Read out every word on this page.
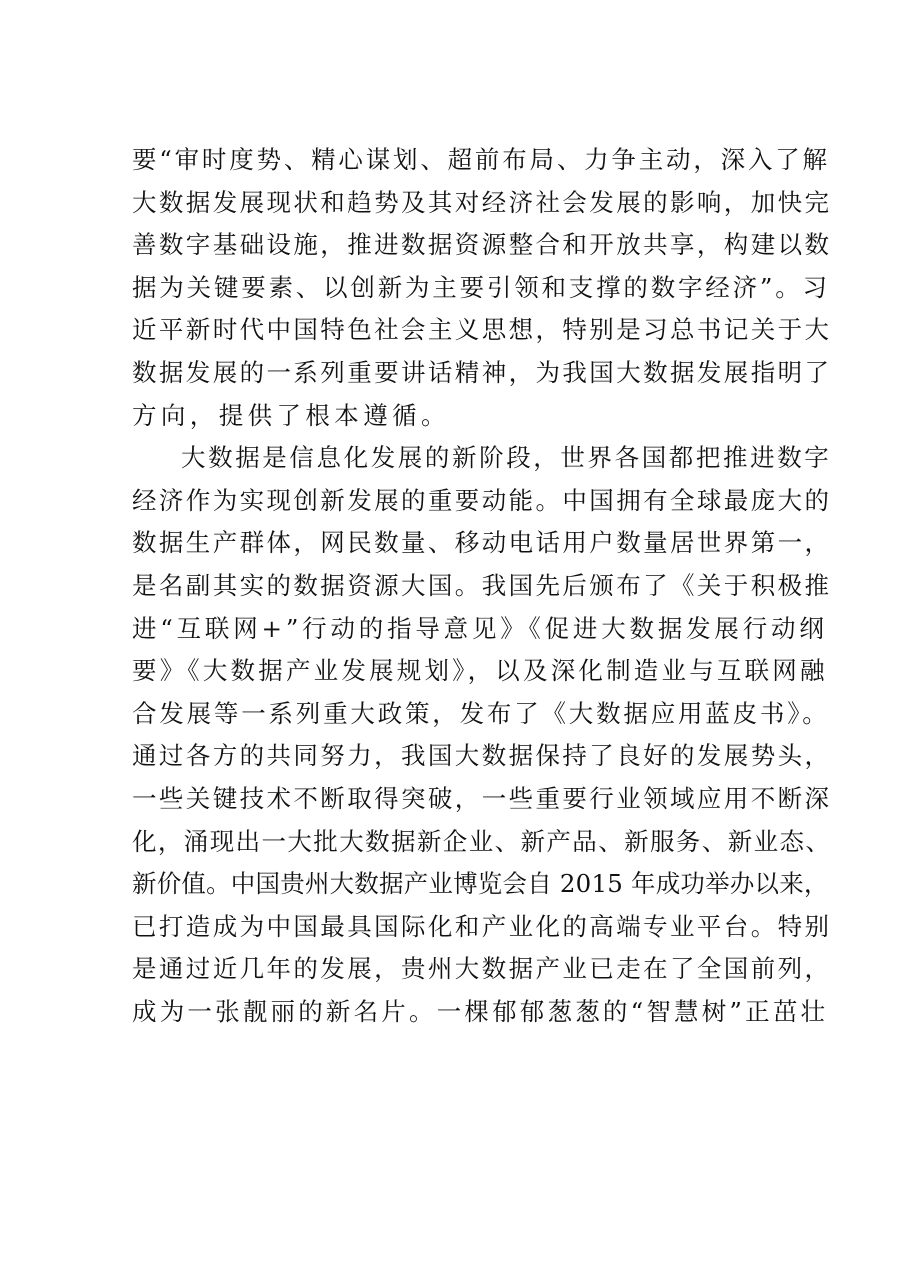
要“审时度势、精心谋划、超前布局、力争主动，深入了解
大数据发展现状和趋势及其对经济社会发展的影响，加快完
善数字基础设施，推进数据资源整合和开放共享，构建以数
据为关键要素、以创新为主要引领和支撑的数字经济”。习
近平新时代中国特色社会主义思想，特别是习总书记关于大
数据发展的一系列重要讲话精神，为我国大数据发展指明了
方向，提供了根本遵循。
大数据是信息化发展的新阶段，世界各国都把推进数字
经济作为实现创新发展的重要动能。中国拥有全球最庞大的
数据生产群体，网民数量、移动电话用户数量居世界第一，
是名副其实的数据资源大国。我国先后颁布了《关于积极推
进“互联网+”行动的指导意见》《促进大数据发展行动纲
要》《大数据产业发展规划》，以及深化制造业与互联网融
合发展等一系列重大政策，发布了《大数据应用蓝皮书》。
通过各方的共同努力，我国大数据保持了良好的发展势头，
一些关键技术不断取得突破，一些重要行业领域应用不断深
化，涌现出一大批大数据新企业、新产品、新服务、新业态、
新价值。中国贵州大数据产业博览会自 2015 年成功举办以来，
已打造成为中国最具国际化和产业化的高端专业平台。特别
是通过近几年的发展，贵州大数据产业已走在了全国前列，
成为一张靓丽的新名片。一棵郁郁葱葱的“智慧树”正茁壮
